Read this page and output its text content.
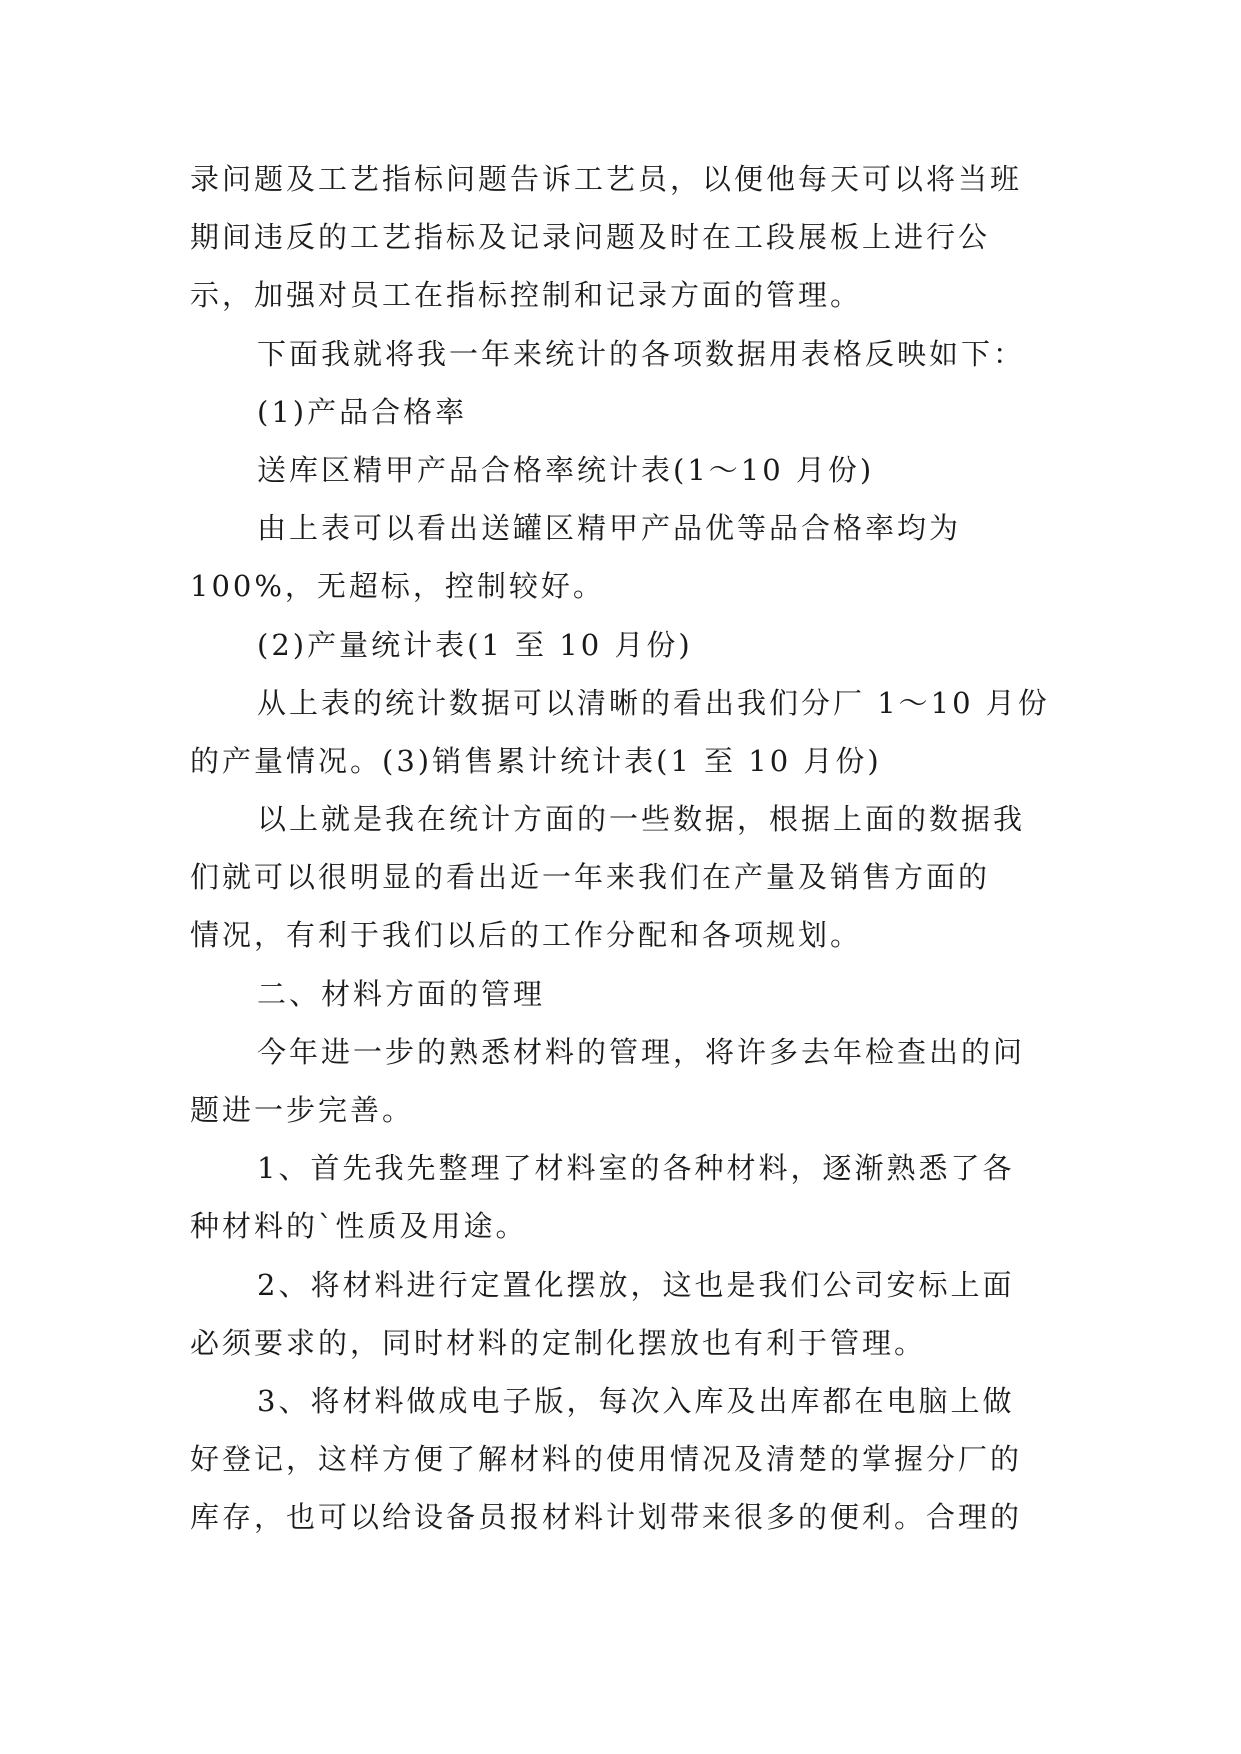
录问题及工艺指标问题告诉工艺员，以便他每天可以将当班
期间违反的工艺指标及记录问题及时在工段展板上进行公
示，加强对员工在指标控制和记录方面的管理。
下面我就将我一年来统计的各项数据用表格反映如下：
(1)产品合格率
送库区精甲产品合格率统计表(1～10 月份)
由上表可以看出送罐区精甲产品优等品合格率均为
100%，无超标，控制较好。
(2)产量统计表(1 至 10 月份)
从上表的统计数据可以清晰的看出我们分厂 1～10 月份
的产量情况。(3)销售累计统计表(1 至 10 月份)
以上就是我在统计方面的一些数据，根据上面的数据我
们就可以很明显的看出近一年来我们在产量及销售方面的
情况，有利于我们以后的工作分配和各项规划。
二、材料方面的管理
今年进一步的熟悉材料的管理，将许多去年检查出的问
题进一步完善。
1、首先我先整理了材料室的各种材料，逐渐熟悉了各
种材料的`性质及用途。
2、将材料进行定置化摆放，这也是我们公司安标上面
必须要求的，同时材料的定制化摆放也有利于管理。
3、将材料做成电子版，每次入库及出库都在电脑上做
好登记，这样方便了解材料的使用情况及清楚的掌握分厂的
库存，也可以给设备员报材料计划带来很多的便利。合理的
